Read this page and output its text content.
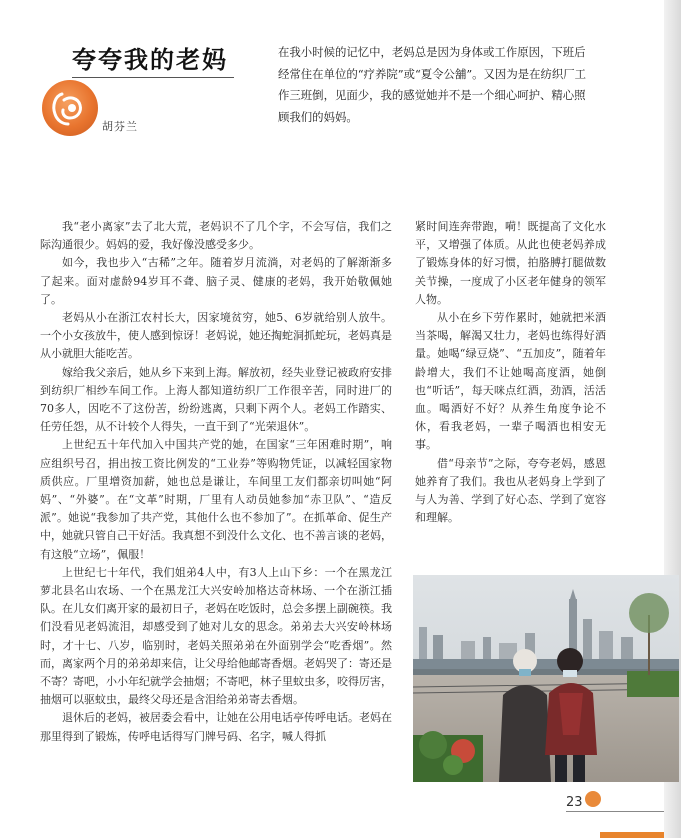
夸夸我的老妈
胡芬兰

在我小时候的记忆中，老妈总是因为身体或工作原因，下班后经常住在单位的“疗养院”或“夏令公舖”。又因为是在纺织厂工作三班倒，见面少，我的感觉她并不是一个细心呵护、精心照顾我们的妈妈。

我“老小离家”去了北大荒，老妈识不了几个字，不会写信，我们之际沟通很少。妈妈的爱，我好像没感受多少。

如今，我也步入“古稀”之年。随着岁月流淌，对老妈的了解渐渐多了起来。面对虚龄94岁耳不聋、脑子灵、健康的老妈，我开始敬佩她了。

老妈从小在浙江农村长大，因家境贫穷，她5、6岁就给别人放牛。一个小女孩放牛，使人感到惊讶！老妈说，她还掏蛇洞抓蛇玩，老妈真是从小就胆大能吃苦。

嫁给我父亲后，她从乡下来到上海。解放初，经失业登记被政府安排到纺织厂相纱车间工作。上海人都知道纺织厂工作很辛苦，同时进厂的70多人，因吃不了这份苦，纷纷逃离，只剩下两个人。老妈工作踏实、任劳任怨，从不计较个人得失，一直干到了“光荣退休”。

上世纪五十年代加入中国共产党的她，在国家“三年困难时期”，响应组织号召，捐出按工资比例发的“工业券”等购物凭证，以减轻国家物质供应。厂里增资加薪，她也总是谦让，车间里工友们都亲切叫她“阿妈”、“外婆”。在“文革”时期，厂里有人动员她参加“赤卫队”、“造反派”。她说“我参加了共产党，其他什么也不参加了”。在抓革命、促生产中，她就只管自己干好活。我真想不到没什么文化、也不善言谈的老妈，有这般“立场”，佩服！

上世纪七十年代，我们姐弟4人中，有3人上山下乡：一个在黑龙江萝北县名山农场、一个在黑龙江大兴安岭加格达奇林场、一个在浙江插队。在儿女们离开家的最初日子，老妈在吃饭时，总会多摆上副碗筷。我们没看见老妈流泪，却感受到了她对儿女的思念。弟弟去大兴安岭林场时，才十七、八岁，临别时，老妈关照弟弟在外面别学会“吃香烟”。然而，离家两个月的弟弟却来信，让父母给他邮寄香烟。老妈哭了：寄还是不寄？寄吧，小小年纪就学会抽烟；不寄吧，林子里蚊虫多，咬得厉害，抽烟可以驱蚊虫，最终父母还是含泪给弟弟寄去香烟。

退休后的老妈，被居委会看中，让她在公用电话亭传呼电话。老妈在那里得到了锻炼，传呼电话得写门牌号码、名字，喊人得抓

紧时间连奔带跑，嗬！既提高了文化水平，又增强了体质。从此也使老妈养成了锻炼身体的好习惯，拍胳膊打腿做数关节操，一度成了小区老年健身的领军人物。

从小在乡下劳作累时，她就把米酒当茶喝，解渴又壮力，老妈也练得好酒量。她喝“绿豆烧”、“五加皮”，随着年龄增大，我们不让她喝高度酒，她倒也“听话”，每天咪点红酒，劲酒，活活血。喝酒好不好？从养生角度争论不休，看我老妈，一辈子喝酒也相安无事。

借“母亲节”之际，夸夸老妈，感恩她养育了我们。我也从老妈身上学到了与人为善、学到了好心态、学到了宽容和理解。

23
